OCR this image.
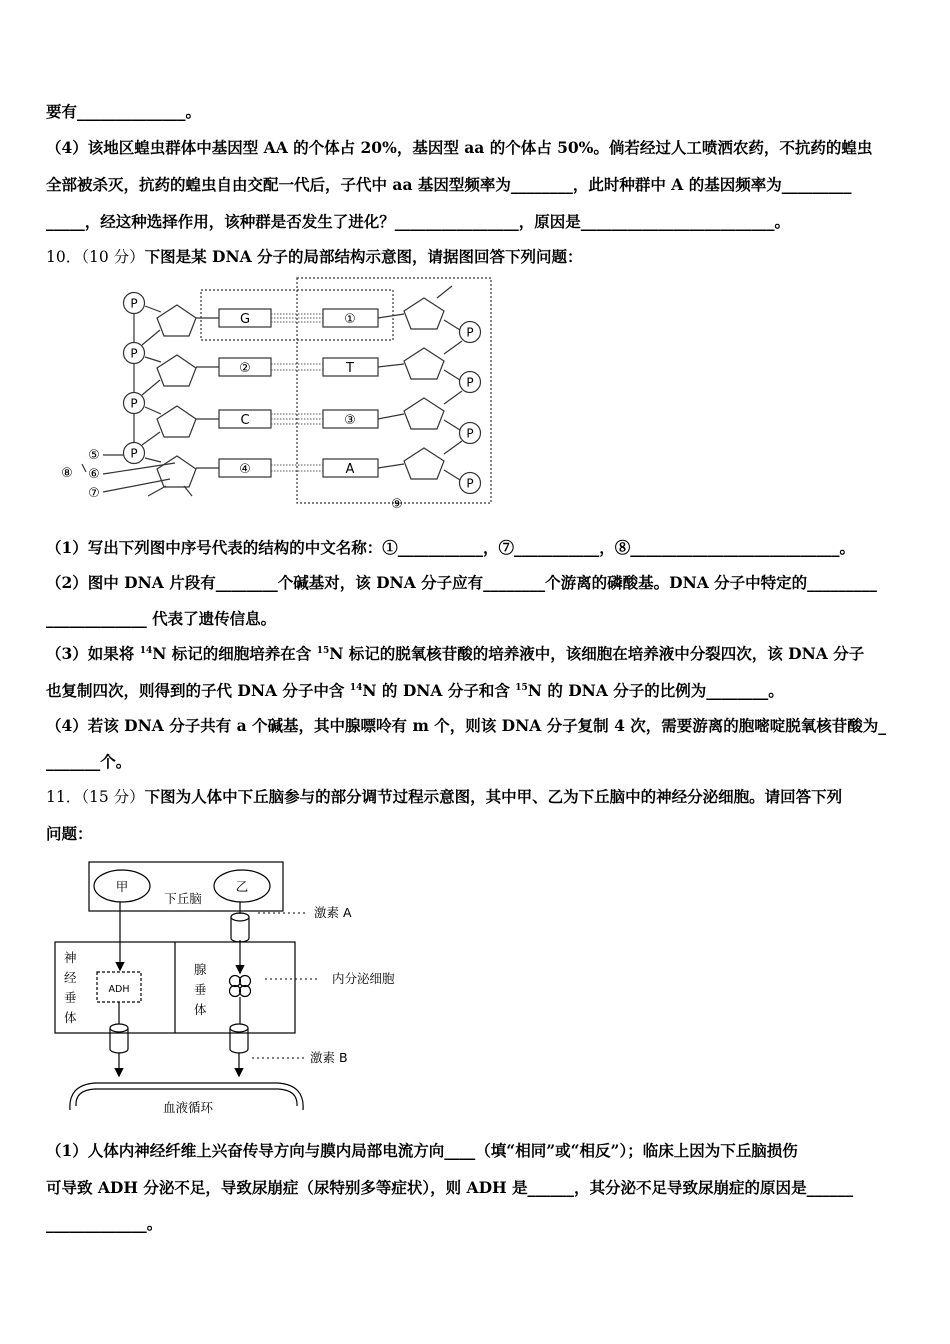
要有______________。
（4）该地区蝗虫群体中基因型 AA 的个体占 20%，基因型 aa 的个体占 50%。倘若经过人工喷洒农药，不抗药的蝗虫
全部被杀灭，抗药的蝗虫自由交配一代后，子代中 aa 基因型频率为________，此时种群中 A 的基因频率为_________
_____，经这种选择作用，该种群是否发生了进化？________________，原因是_________________________。
10．（10 分）下图是某 DNA 分子的局部结构示意图，请据图回答下列问题：
P
P
P
P
P
P
P
P
G
②
C
④
①
T
③
A
⑤
⑥
⑦
⑧
⑨
（1）写出下列图中序号代表的结构的中文名称：①___________，⑦___________，⑧___________________________。
（2）图中 DNA 片段有________个碱基对，该 DNA 分子应有________个游离的磷酸基。DNA 分子中特定的_________
_____________ 代表了遗传信息。
（3）如果将 $^{14}$N 标记的细胞培养在含 $^{15}$N 标记的脱氧核苷酸的培养液中，该细胞在培养液中分裂四次，该 DNA 分子
也复制四次，则得到的子代 DNA 分子中含 $^{14}$N 的 DNA 分子和含 $^{15}$N 的 DNA 分子的比例为________。
（4）若该 DNA 分子共有 a 个碱基，其中腺嘌呤有 m 个，则该 DNA 分子复制 4 次，需要游离的胞嘧啶脱氧核苷酸为_
_______个。
11．（15 分）下图为人体中下丘脑参与的部分调节过程示意图，其中甲、乙为下丘脑中的神经分泌细胞。请回答下列
问题：
甲	乙
下丘脑
激素 A
神
经
垂
体
腺
垂
体
内分泌细胞
激素 B
血液循环
ADH
（1）人体内神经纤维上兴奋传导方向与膜内局部电流方向____（填“相同”或“相反”）；临床上因为下丘脑损伤
可导致 ADH 分泌不足，导致尿崩症（尿特别多等症状），则 ADH 是______，其分泌不足导致尿崩症的原因是______
_____________。
